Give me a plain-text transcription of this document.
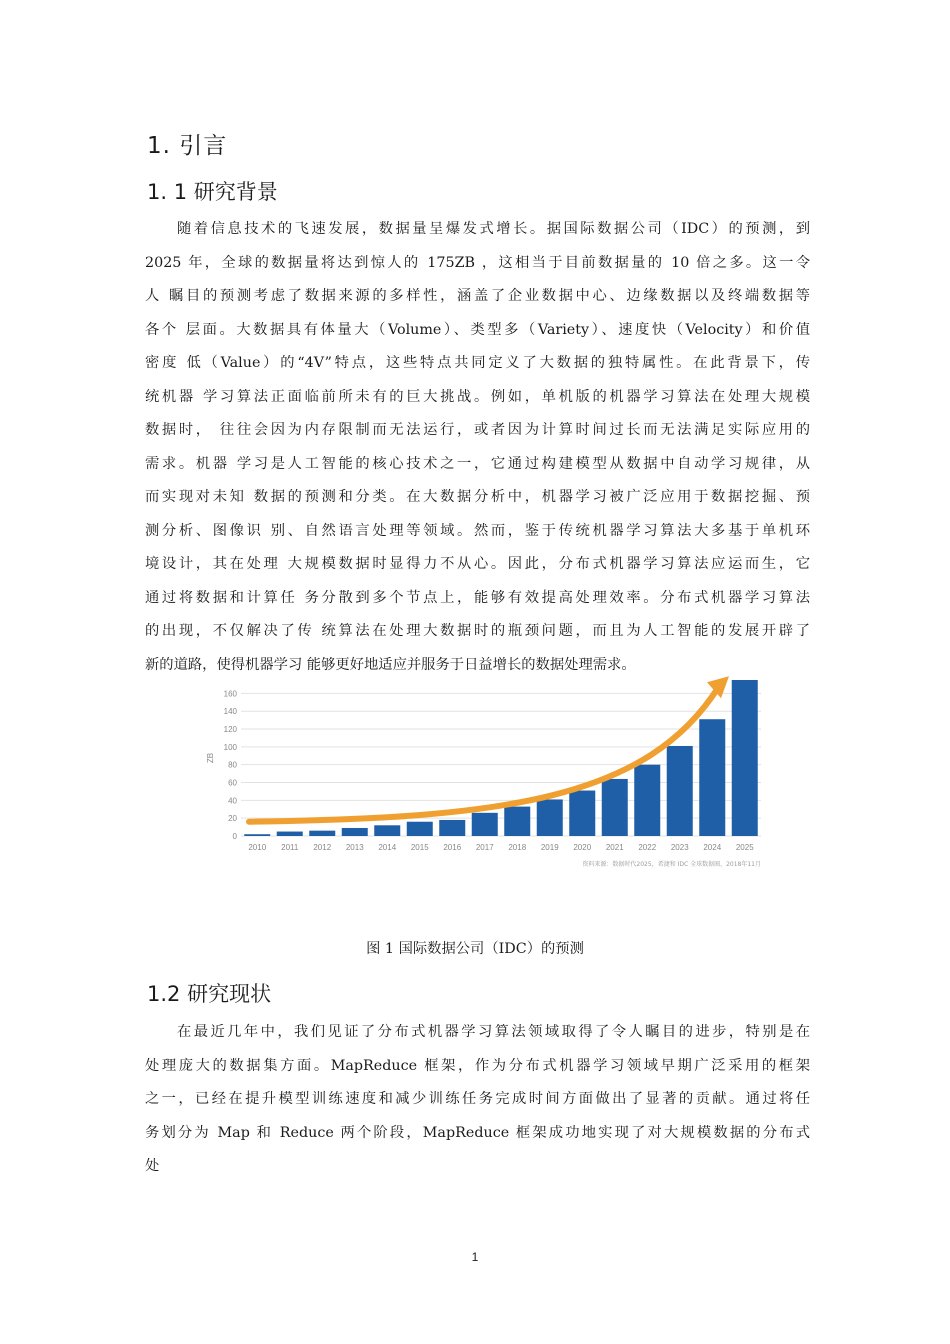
1. 引言
1. 1 研究背景
随着信息技术的飞速发展，数据量呈爆发式增长。据国际数据公司（IDC）的预测，到
2025 年，全球的数据量将达到惊人的 175ZB ，这相当于目前数据量的 10 倍之多。这一令
人 瞩目的预测考虑了数据来源的多样性，涵盖了企业数据中心、边缘数据以及终端数据等
各个 层面。大数据具有体量大（Volume）、类型多（Variety）、速度快（Velocity）和价值
密度 低（Value）的“4V”特点，这些特点共同定义了大数据的独特属性。在此背景下，传
统机器 学习算法正面临前所未有的巨大挑战。例如，单机版的机器学习算法在处理大规模
数据时， 往往会因为内存限制而无法运行，或者因为计算时间过长而无法满足实际应用的
需求。机器 学习是人工智能的核心技术之一，它通过构建模型从数据中自动学习规律，从
而实现对未知 数据的预测和分类。在大数据分析中，机器学习被广泛应用于数据挖掘、预
测分析、图像识 别、自然语言处理等领域。然而，鉴于传统机器学习算法大多基于单机环
境设计，其在处理 大规模数据时显得力不从心。因此，分布式机器学习算法应运而生，它
通过将数据和计算任 务分散到多个节点上，能够有效提高处理效率。分布式机器学习算法
的出现，不仅解决了传 统算法在处理大数据时的瓶颈问题，而且为人工智能的发展开辟了
新的道路，使得机器学习 能够更好地适应并服务于日益增长的数据处理需求。
0
20
40
60
80
100
120
140
160
ZB
2010 2011 2012 2013 2014 2015 2016 2017 2018 2019 2020 2021 2022 2023 2024 2025
资料来源：数据时代2025，希捷和 IDC 全球数据圈，2018年11月
图 1 国际数据公司（IDC）的预测
1.2 研究现状
在最近几年中，我们见证了分布式机器学习算法领域取得了令人瞩目的进步，特别是在
处理庞大的数据集方面。MapReduce 框架，作为分布式机器学习领域早期广泛采用的框架
之一，已经在提升模型训练速度和减少训练任务完成时间方面做出了显著的贡献。通过将任
务划分为 Map 和 Reduce 两个阶段，MapReduce 框架成功地实现了对大规模数据的分布式
处
1
